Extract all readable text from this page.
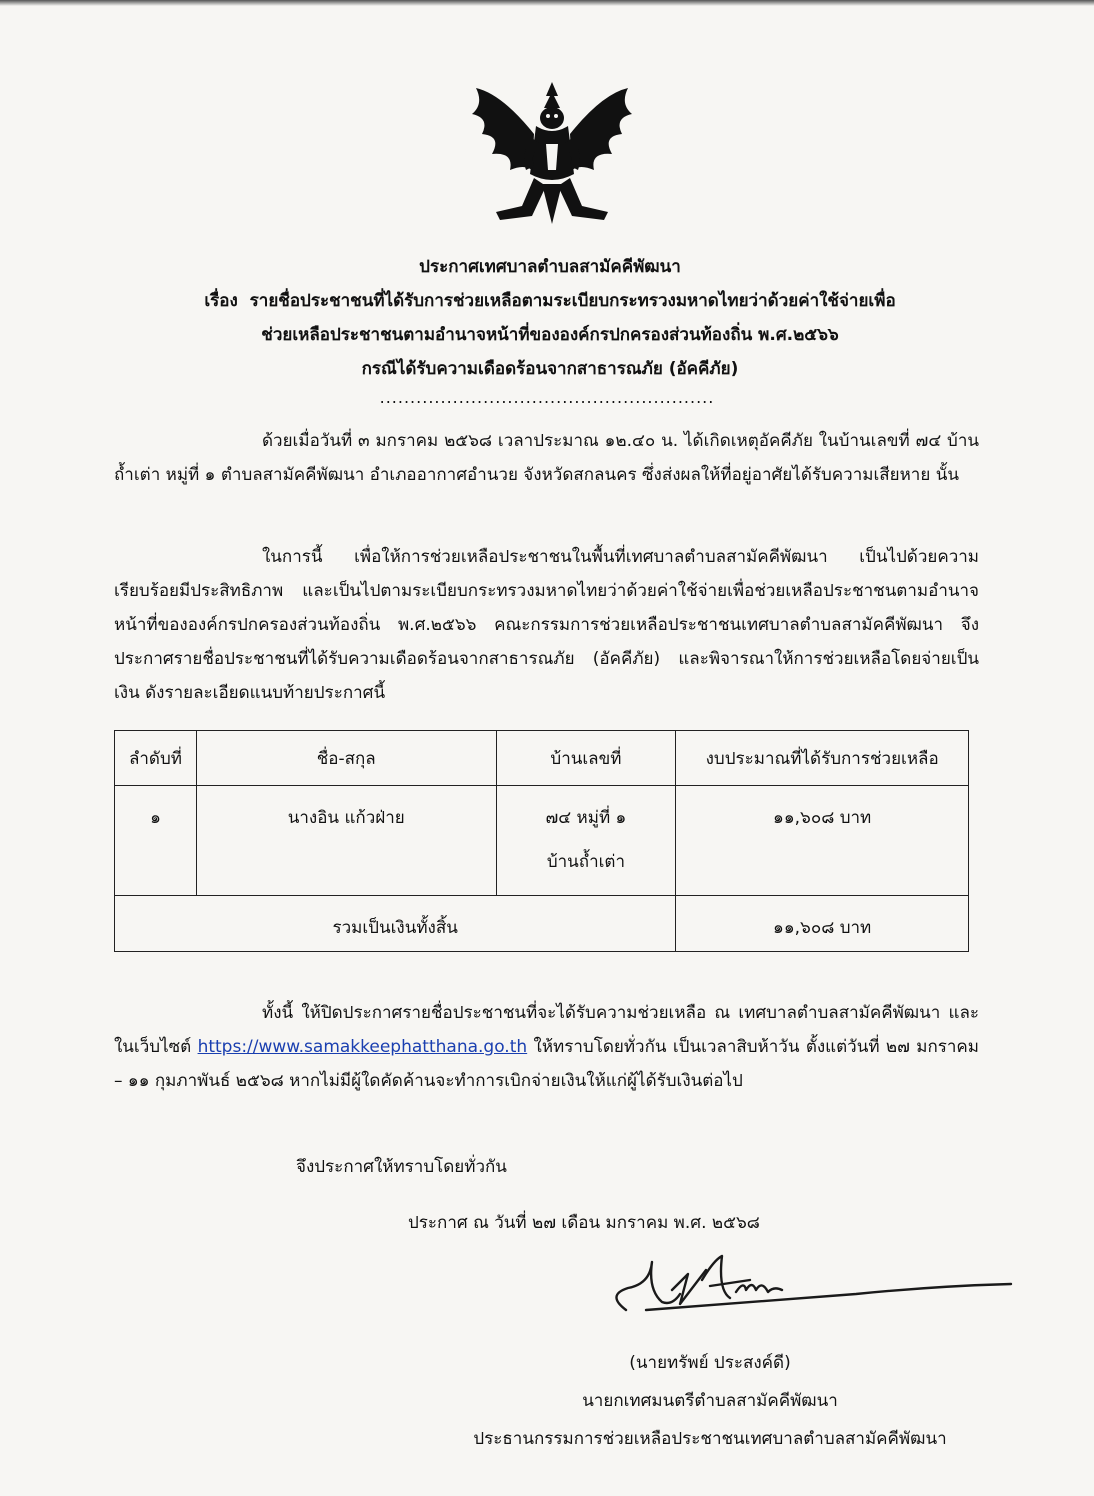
ประกาศเทศบาลตำบลสามัคคีพัฒนา
เรื่อง รายชื่อประชาชนที่ได้รับการช่วยเหลือตามระเบียบกระทรวงมหาดไทยว่าด้วยค่าใช้จ่ายเพื่อ
ช่วยเหลือประชาชนตามอำนาจหน้าที่ขององค์กรปกครองส่วนท้องถิ่น พ.ศ.๒๕๖๖
กรณีได้รับความเดือดร้อนจากสาธารณภัย (อัคคีภัย)
.......................................................
ด้วยเมื่อวันที่ ๓ มกราคม ๒๕๖๘ เวลาประมาณ ๑๒.๔๐ น. ได้เกิดเหตุอัคคีภัย ในบ้านเลขที่ ๗๔ บ้านถ้ำเต่า หมู่ที่ ๑ ตำบลสามัคคีพัฒนา อำเภออากาศอำนวย จังหวัดสกลนคร ซึ่งส่งผลให้ที่อยู่อาศัยได้รับความเสียหาย นั้น
ในการนี้ เพื่อให้การช่วยเหลือประชาชนในพื้นที่เทศบาลตำบลสามัคคีพัฒนา เป็นไปด้วยความเรียบร้อยมีประสิทธิภาพ และเป็นไปตามระเบียบกระทรวงมหาดไทยว่าด้วยค่าใช้จ่ายเพื่อช่วยเหลือประชาชนตามอำนาจหน้าที่ขององค์กรปกครองส่วนท้องถิ่น พ.ศ.๒๕๖๖ คณะกรรมการช่วยเหลือประชาชนเทศบาลตำบลสามัคคีพัฒนา จึงประกาศรายชื่อประชาชนที่ได้รับความเดือดร้อนจากสาธารณภัย (อัคคีภัย) และพิจารณาให้การช่วยเหลือโดยจ่ายเป็นเงิน ดังรายละเอียดแนบท้ายประกาศนี้
ลำดับที่	ชื่อ-สกุล	บ้านเลขที่	งบประมาณที่ได้รับการช่วยเหลือ
๑	นางอิน แก้วฝ่าย	๗๔ หมู่ที่ ๑
บ้านถ้ำเต่า	๑๑,๖๐๘ บาท
รวมเป็นเงินทั้งสิ้น			๑๑,๖๐๘ บาท
ทั้งนี้ ให้ปิดประกาศรายชื่อประชาชนที่จะได้รับความช่วยเหลือ ณ เทศบาลตำบลสามัคคีพัฒนา และในเว็บไซต์ https://www.samakkeephatthana.go.th ให้ทราบโดยทั่วกัน เป็นเวลาสิบห้าวัน ตั้งแต่วันที่ ๒๗ มกราคม – ๑๑ กุมภาพันธ์ ๒๕๖๘ หากไม่มีผู้ใดคัดค้านจะทำการเบิกจ่ายเงินให้แก่ผู้ได้รับเงินต่อไป
จึงประกาศให้ทราบโดยทั่วกัน
ประกาศ ณ วันที่ ๒๗ เดือน มกราคม พ.ศ. ๒๕๖๘
(นายทรัพย์ ประสงค์ดี)
นายกเทศมนตรีตำบลสามัคคีพัฒนา
ประธานกรรมการช่วยเหลือประชาชนเทศบาลตำบลสามัคคีพัฒนา
